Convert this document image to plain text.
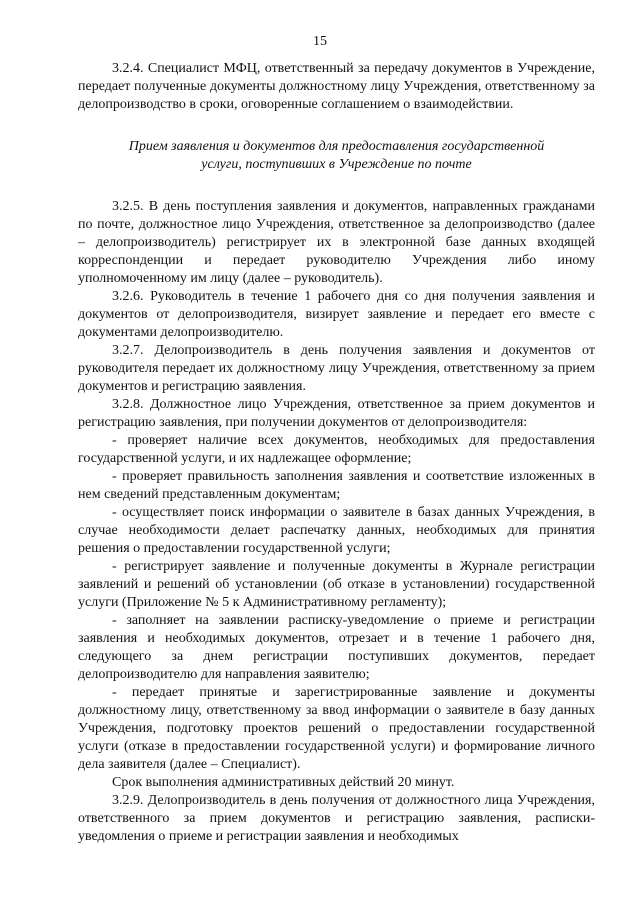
15

3.2.4. Специалист МФЦ, ответственный за передачу документов в Учреждение, передает полученные документы должностному лицу Учреждения, ответственному за делопроизводство в сроки, оговоренные соглашением о взаимодействии.

Прием заявления и документов для предоставления государственной услуги, поступивших в Учреждение по почте

3.2.5. В день поступления заявления и документов, направленных гражданами по почте, должностное лицо Учреждения, ответственное за делопроизводство (далее – делопроизводитель) регистрирует их в электронной базе данных входящей корреспонденции и передает руководителю Учреждения либо иному уполномоченному им лицу (далее – руководитель).

3.2.6. Руководитель в течение 1 рабочего дня со дня получения заявления и документов от делопроизводителя, визирует заявление и передает его вместе с документами делопроизводителю.

3.2.7. Делопроизводитель в день получения заявления и документов от руководителя передает их должностному лицу Учреждения, ответственному за прием документов и регистрацию заявления.

3.2.8. Должностное лицо Учреждения, ответственное за прием документов и регистрацию заявления, при получении документов от делопроизводителя:

- проверяет наличие всех документов, необходимых для предоставления государственной услуги, и их надлежащее оформление;

- проверяет правильность заполнения заявления и соответствие изложенных в нем сведений представленным документам;

- осуществляет поиск информации о заявителе в базах данных Учреждения, в случае необходимости делает распечатку данных, необходимых для принятия решения о предоставлении государственной услуги;

- регистрирует заявление и полученные документы в Журнале регистрации заявлений и решений об установлении (об отказе в установлении) государственной услуги (Приложение № 5 к Административному регламенту);

- заполняет на заявлении расписку-уведомление о приеме и регистрации заявления и необходимых документов, отрезает и в течение 1 рабочего дня, следующего за днем регистрации поступивших документов, передает делопроизводителю для направления заявителю;

- передает принятые и зарегистрированные заявление и документы должностному лицу, ответственному за ввод информации о заявителе в базу данных Учреждения, подготовку проектов решений о предоставлении государственной услуги (отказе в предоставлении государственной услуги) и формирование личного дела заявителя (далее – Специалист).

Срок выполнения административных действий 20 минут.

3.2.9. Делопроизводитель в день получения от должностного лица Учреждения, ответственного за прием документов и регистрацию заявления, расписки-уведомления о приеме и регистрации заявления и необходимых
